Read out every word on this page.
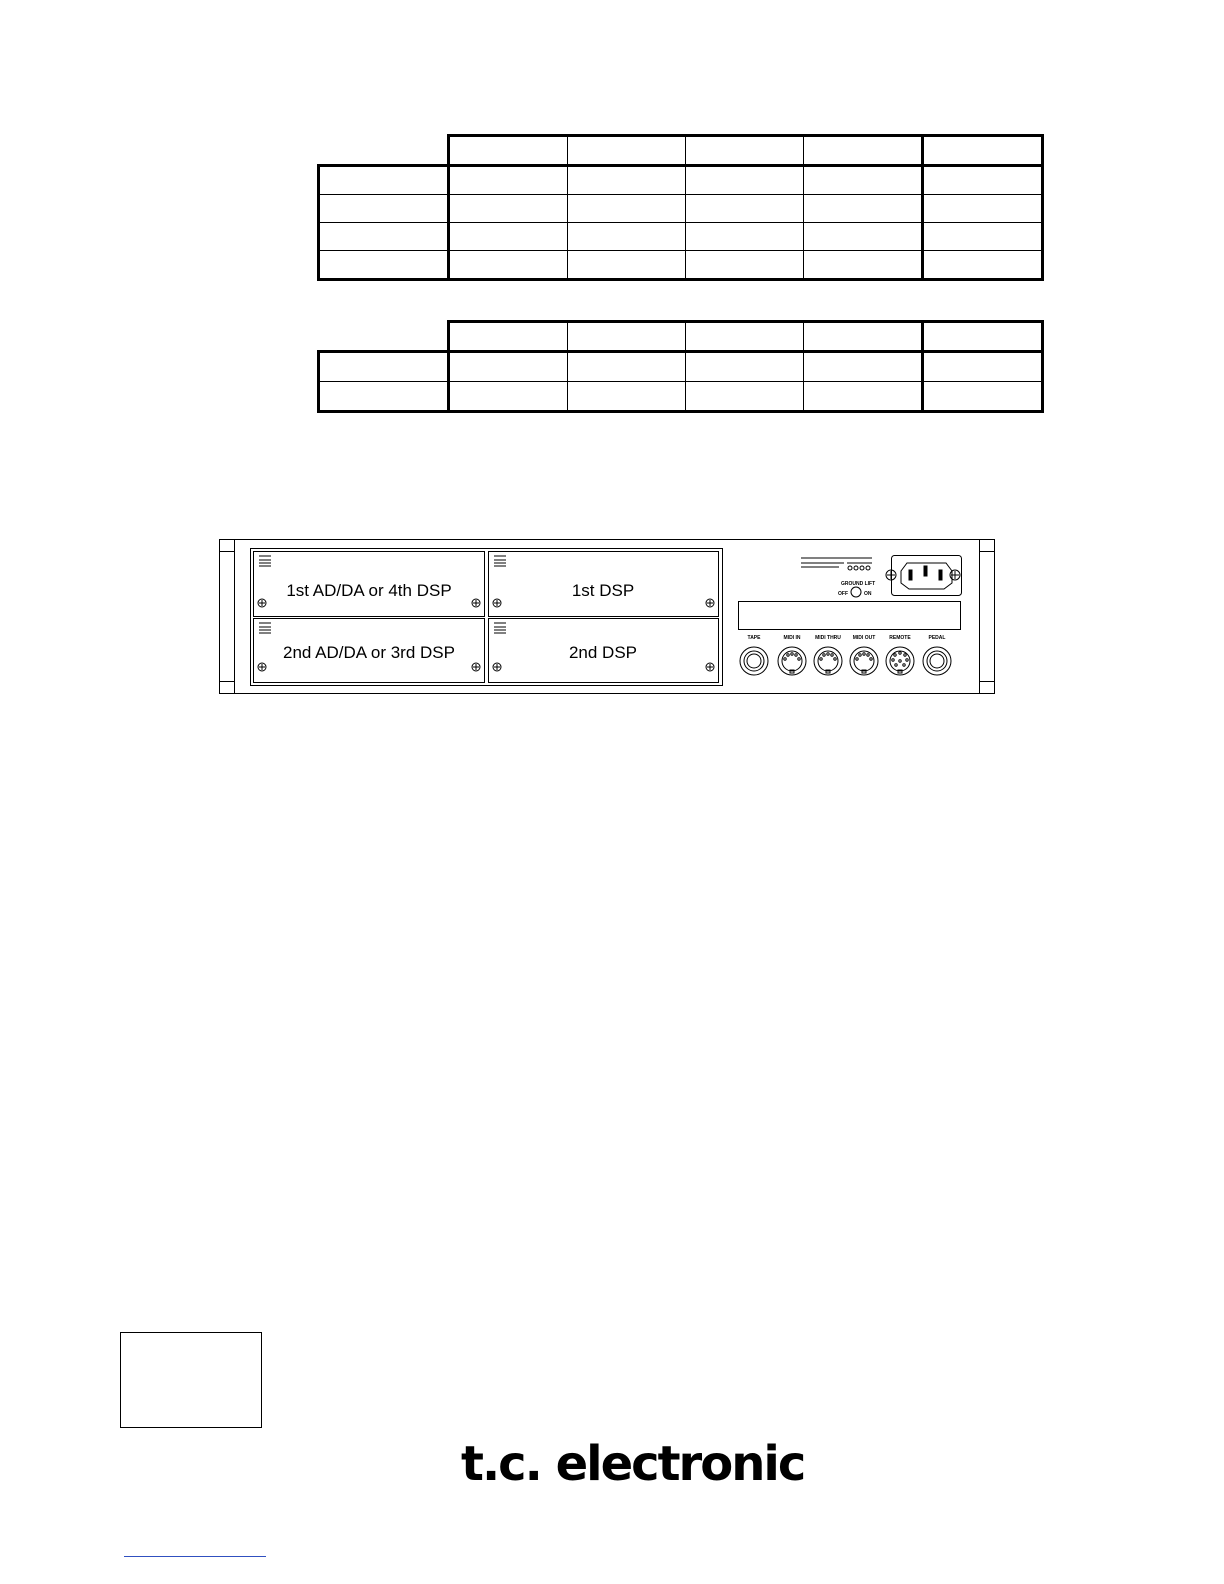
1st AD/DA or 4th DSP	1st DSP
2nd AD/DA or 3rd DSP	2nd DSP
GROUND LIFT
OFF	ON
TAPE	MIDI IN	MIDI THRU MIDI OUT	REMOTE	PEDAL
t.c. electronic
